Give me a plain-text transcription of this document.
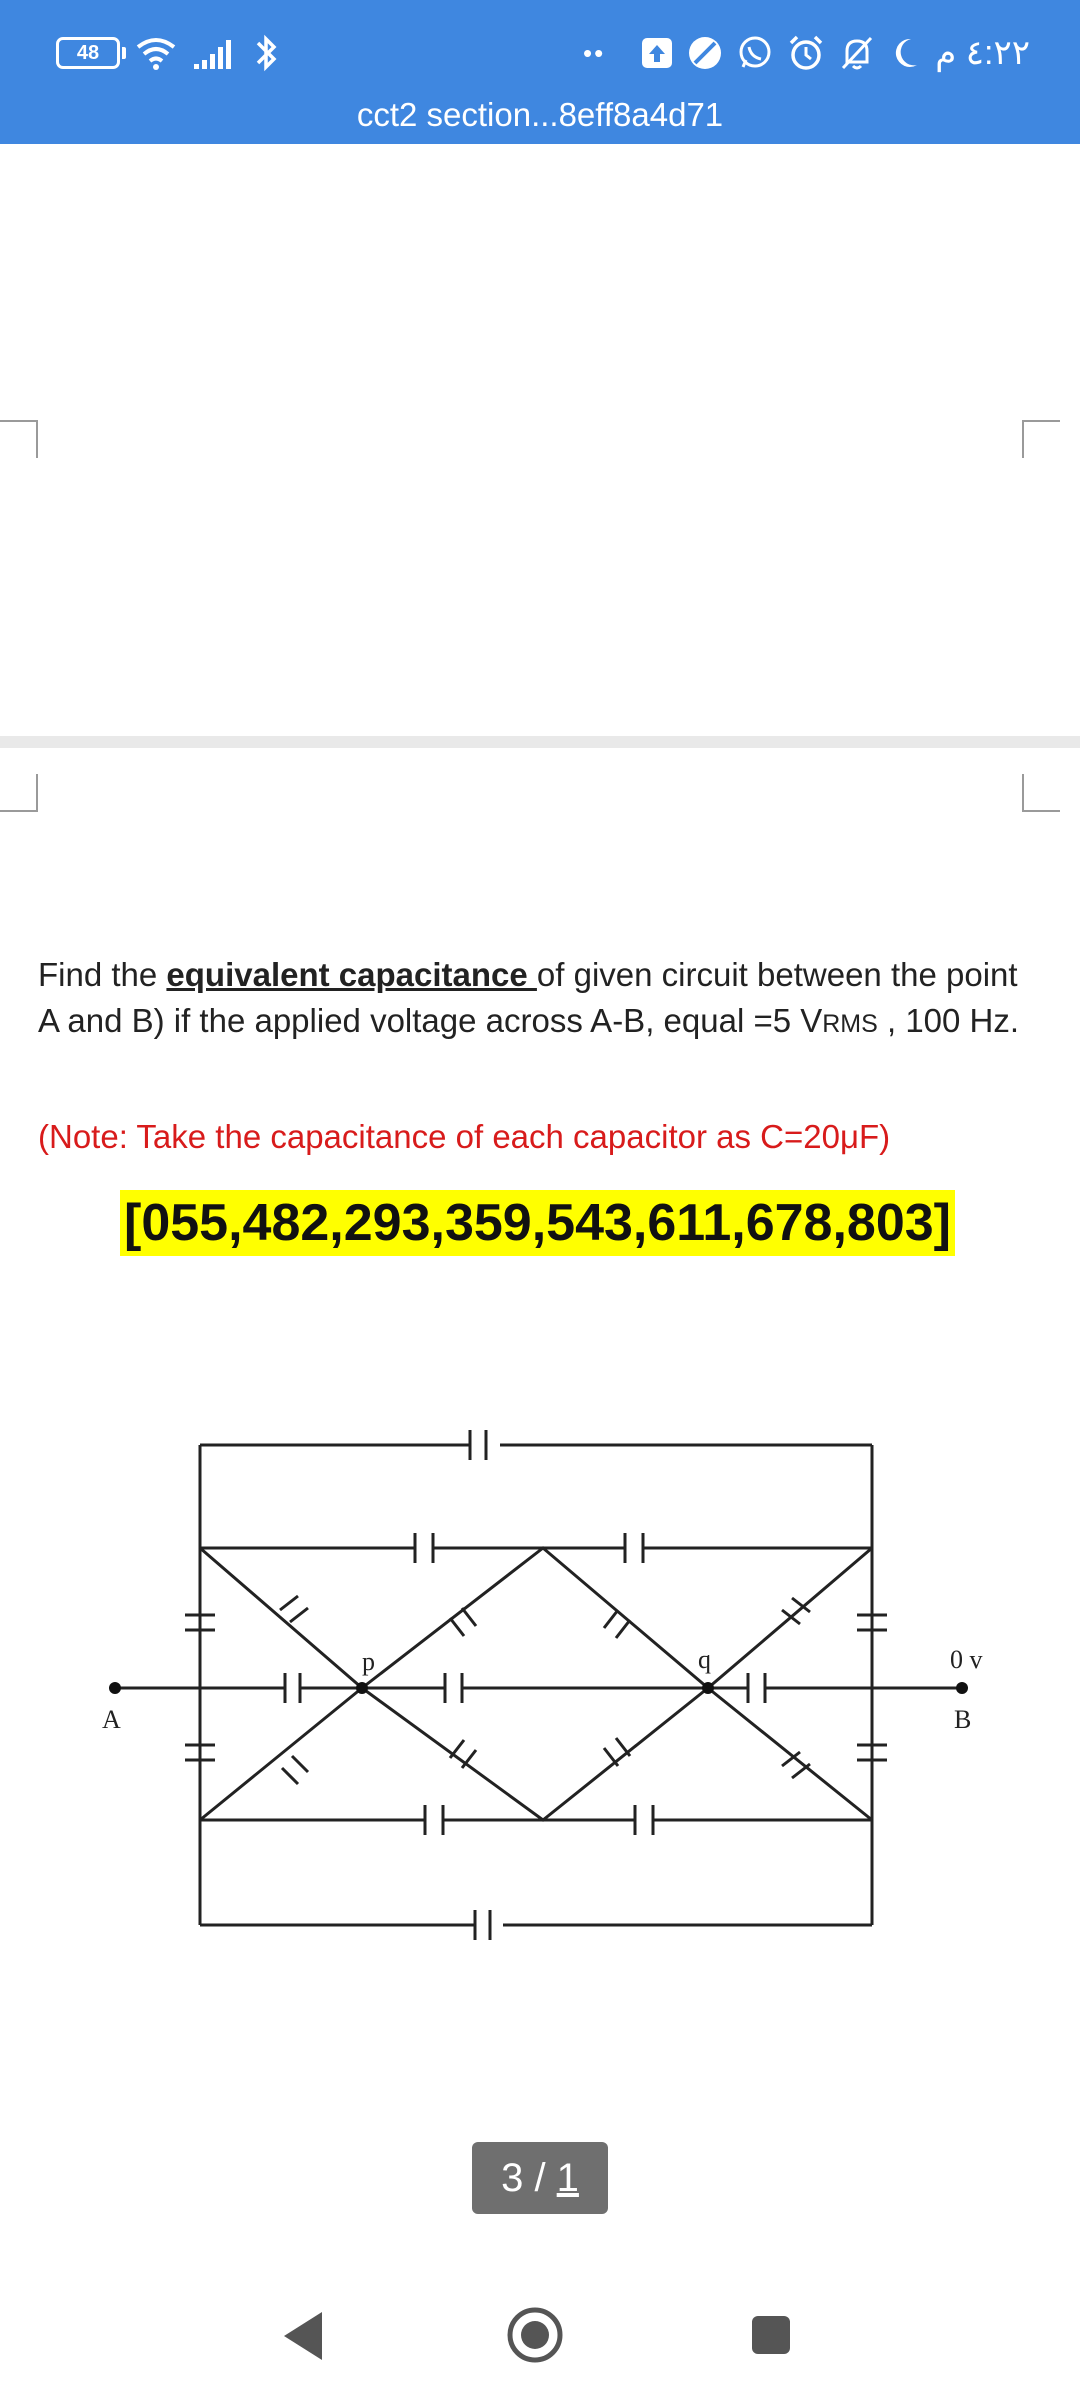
48	••	٤:٢٢ م
cct2 section...8eff8a4d71
Find the equivalent capacitance of given circuit between the point A and B) if the applied voltage across A-B, equal =5 VRMS , 100 Hz.
(Note: Take the capacitance of each capacitor as C=20μF)
[055,482,293,359,543,611,678,803]
A
p	q	0 v
B
3 / 1
